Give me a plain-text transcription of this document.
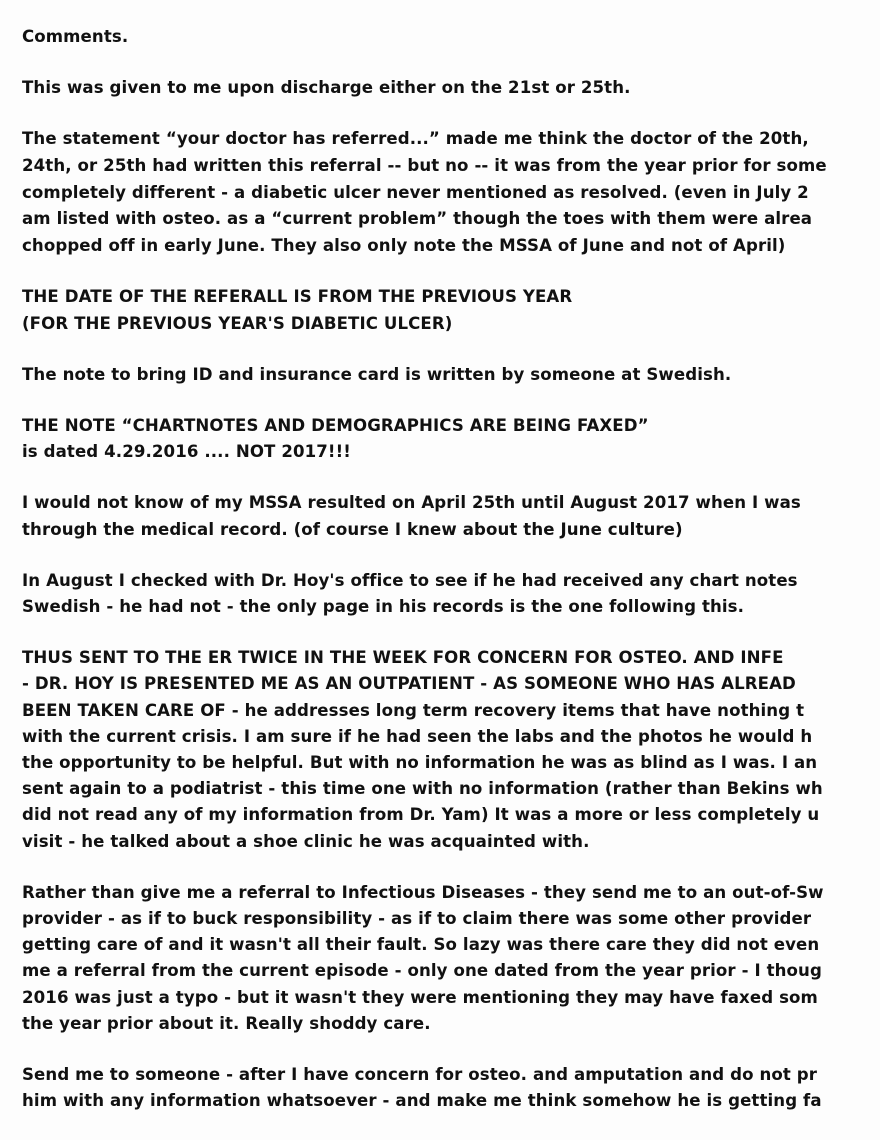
Comments.
This was given to me upon discharge either on the 21st or 25th.
The statement “your doctor has referred...” made me think the doctor of the 20th,
24th, or 25th had written this referral -- but no -- it was from the year prior for some
completely different - a diabetic ulcer never mentioned as resolved. (even in July 2
am listed with osteo. as a “current problem” though the toes with them were alrea
chopped off in early June. They also only note the MSSA of June and not of April)
THE DATE OF THE REFERALL IS FROM THE PREVIOUS YEAR
(FOR THE PREVIOUS YEAR'S DIABETIC ULCER)
The note to bring ID and insurance card is written by someone at Swedish.
THE NOTE “CHARTNOTES AND DEMOGRAPHICS ARE BEING FAXED”
is dated 4.29.2016 .... NOT 2017!!!
I would not know of my MSSA resulted on April 25th until August 2017 when I was
through the medical record. (of course I knew about the June culture)
In August I checked with Dr. Hoy's office to see if he had received any chart notes
Swedish - he had not - the only page in his records is the one following this.
THUS SENT TO THE ER TWICE IN THE WEEK FOR CONCERN FOR OSTEO. AND INFE
- DR. HOY IS PRESENTED ME AS AN OUTPATIENT - AS SOMEONE WHO HAS ALREAD
BEEN TAKEN CARE OF - he addresses long term recovery items that have nothing t
with the current crisis. I am sure if he had seen the labs and the photos he would h
the opportunity to be helpful. But with no information he was as blind as I was. I an
sent again to a podiatrist - this time one with no information (rather than Bekins wh
did not read any of my information from Dr. Yam) It was a more or less completely u
visit - he talked about a shoe clinic he was acquainted with.
Rather than give me a referral to Infectious Diseases - they send me to an out-of-Sw
provider - as if to buck responsibility - as if to claim there was some other provider
getting care of and it wasn't all their fault. So lazy was there care they did not even
me a referral from the current episode - only one dated from the year prior - I thoug
2016 was just a typo - but it wasn't they were mentioning they may have faxed som
the year prior about it. Really shoddy care.
Send me to someone - after I have concern for osteo. and amputation and do not pr
him with any information whatsoever - and make me think somehow he is getting fa
